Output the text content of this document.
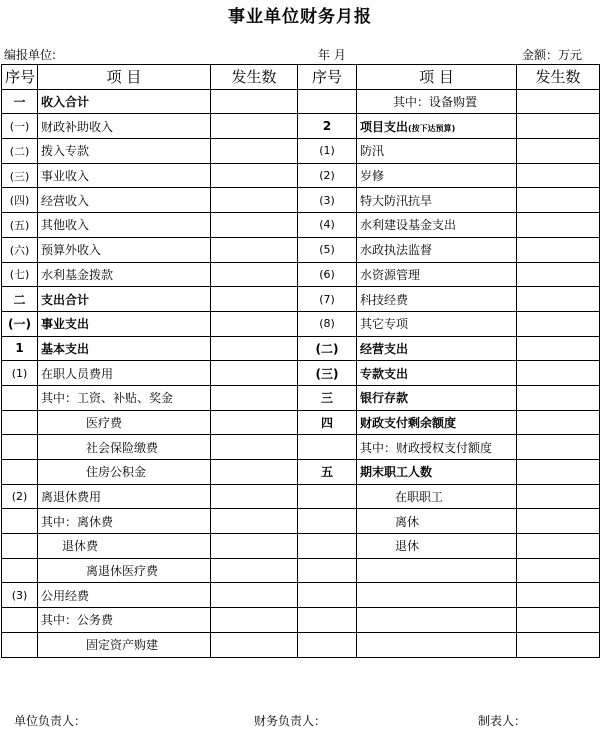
事业单位财务月报
编报单位:	年 月	金额：万元
序号	项 目	发生数	序号	项 目	发生数
一	收入合计			其中：设备购置	
(一)	财政补助收入		2	项目支出(按下达预算)	
(二)	拨入专款		(1)	防汛	
(三)	事业收入		(2)	岁修	
(四)	经营收入		(3)	特大防汛抗旱	
(五)	其他收入		(4)	水利建设基金支出	
(六)	预算外收入		(5)	水政执法监督	
(七)	水利基金拨款		(6)	水资源管理	
二	支出合计		(7)	科技经费	
(一)	事业支出		(8)	其它专项	
1	基本支出		(二)	经营支出	
(1)	在职人员费用		(三)	专款支出	
	其中：工资、补贴、奖金		三	银行存款	
	医疗费		四	财政支付剩余额度	
	社会保险缴费			其中：财政授权支付额度	
	住房公积金		五	期末职工人数	
(2)	离退休费用			在职职工	
	其中：离休费			离休	
	退休费			退休	
	离退休医疗费				
(3)	公用经费				
	其中：公务费				
	固定资产购建				
单位负责人：	财务负责人：	制表人：
